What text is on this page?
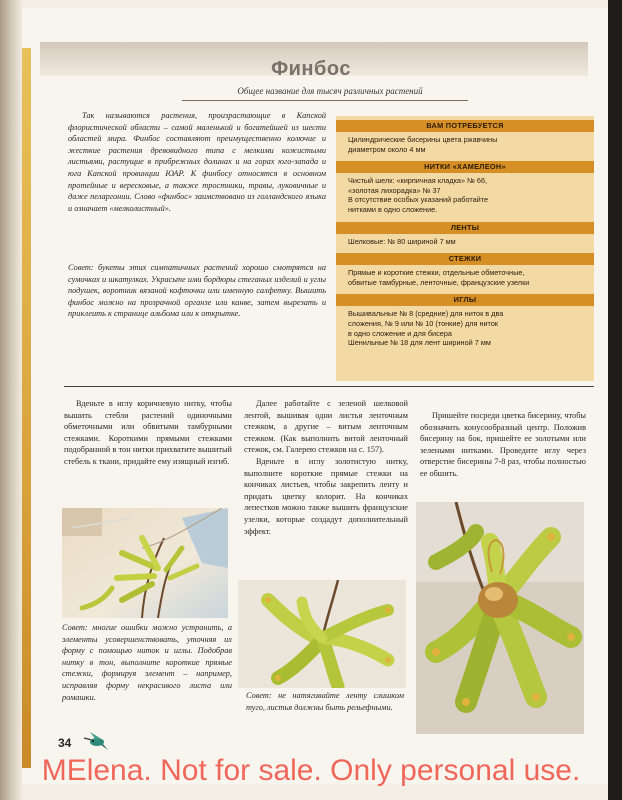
Финбос
Общее название для тысяч различных растений

Так называются растения, произрастающие в Капской флористической области – самой маленькой и богатейшей из шести областей мира. Финбос составляют преимущественно колючие и жесткие растения древовидного типа с мелкими кожистыми листьями, растущие в прибрежных долинах и на горах юго-запада и юга Капской провинции ЮАР. К финбосу относятся в основном протейные и вересковые, а также тростники, травы, луковичные и даже пеларгонии. Слово «финбос» заимствовано из голландского языка и означает «мелколистный».

Совет: букеты этих симпатичных растений хорошо смотрятся на сумочках и шкатулках. Украсьте ими бордюры стеганых изделий и углы подушек, воротник вязаной кофточки или именную салфетку. Вышить финбос можно на прозрачной органзе или канве, затем вырезать и приклеить к странице альбома или к открытке.
ВАМ ПОТРЕБУЕТСЯ
Цилиндрические бисерины цвета ржавчины
диаметром около 4 мм
НИТКИ «ХАМЕЛЕОН»
Чистый шелк: «кирпичная кладка» № 66,
«золотая лихорадка» № 37
В отсутствие особых указаний работайте
нитками в одно сложение.
ЛЕНТЫ
Шелковые: № 80 шириной 7 мм
СТЕЖКИ
Прямые и короткие стежки, отдельные обметочные,
обвитые тамбурные, ленточные, французские узелки
ИГЛЫ
Вышивальные № 8 (средние) для ниток в два
сложения, № 9 или № 10 (тонкие) для ниток
в одно сложение и для бисера
Шенильные № 18 для лент шириной 7 мм

Вденьте в иглу коричневую нитку, чтобы вышить стебли растений одиночными обметочными или обвитыми тамбурными стежками. Короткими прямыми стежками подобранной в тон нитки прихватите вышитый стебель к ткани, придайте ему изящный изгиб.

Далее работайте с зеленой шелковой лентой, вышивая одни листья ленточным стежком, а другие – витым ленточным стежком. (Как выполнить витой ленточный стежок, см. Галерею стежков на с. 157).

Вденьте в иглу золотистую нитку, выполните короткие прямые стежки на кончиках листьев, чтобы закрепить ленту и придать цветку колорит. На кончиках лепестков можно также вышить французские узелки, которые создадут дополнительный эффект.

Пришейте посреди цветка бисерину, чтобы обозначить конусообразный центр. Положив бисерину на бок, пришейте ее золотыми или зелеными нитками. Проведите иглу через отверстие бисерины 7-8 раз, чтобы полностью ее обшить.

Совет: многие ошибки можно устранить, а элементы усовершенствовать, уточняя их форму с помощью ниток и иглы. Подобрав нитку в тон, выполните короткие прямые стежки, формируя элемент – например, исправляя форму некрасивого листа или ромашки.	Совет: не натягивайте ленту слишком туго, листья должны быть рельефными.
34
MElena. Not for sale. Only personal use.
